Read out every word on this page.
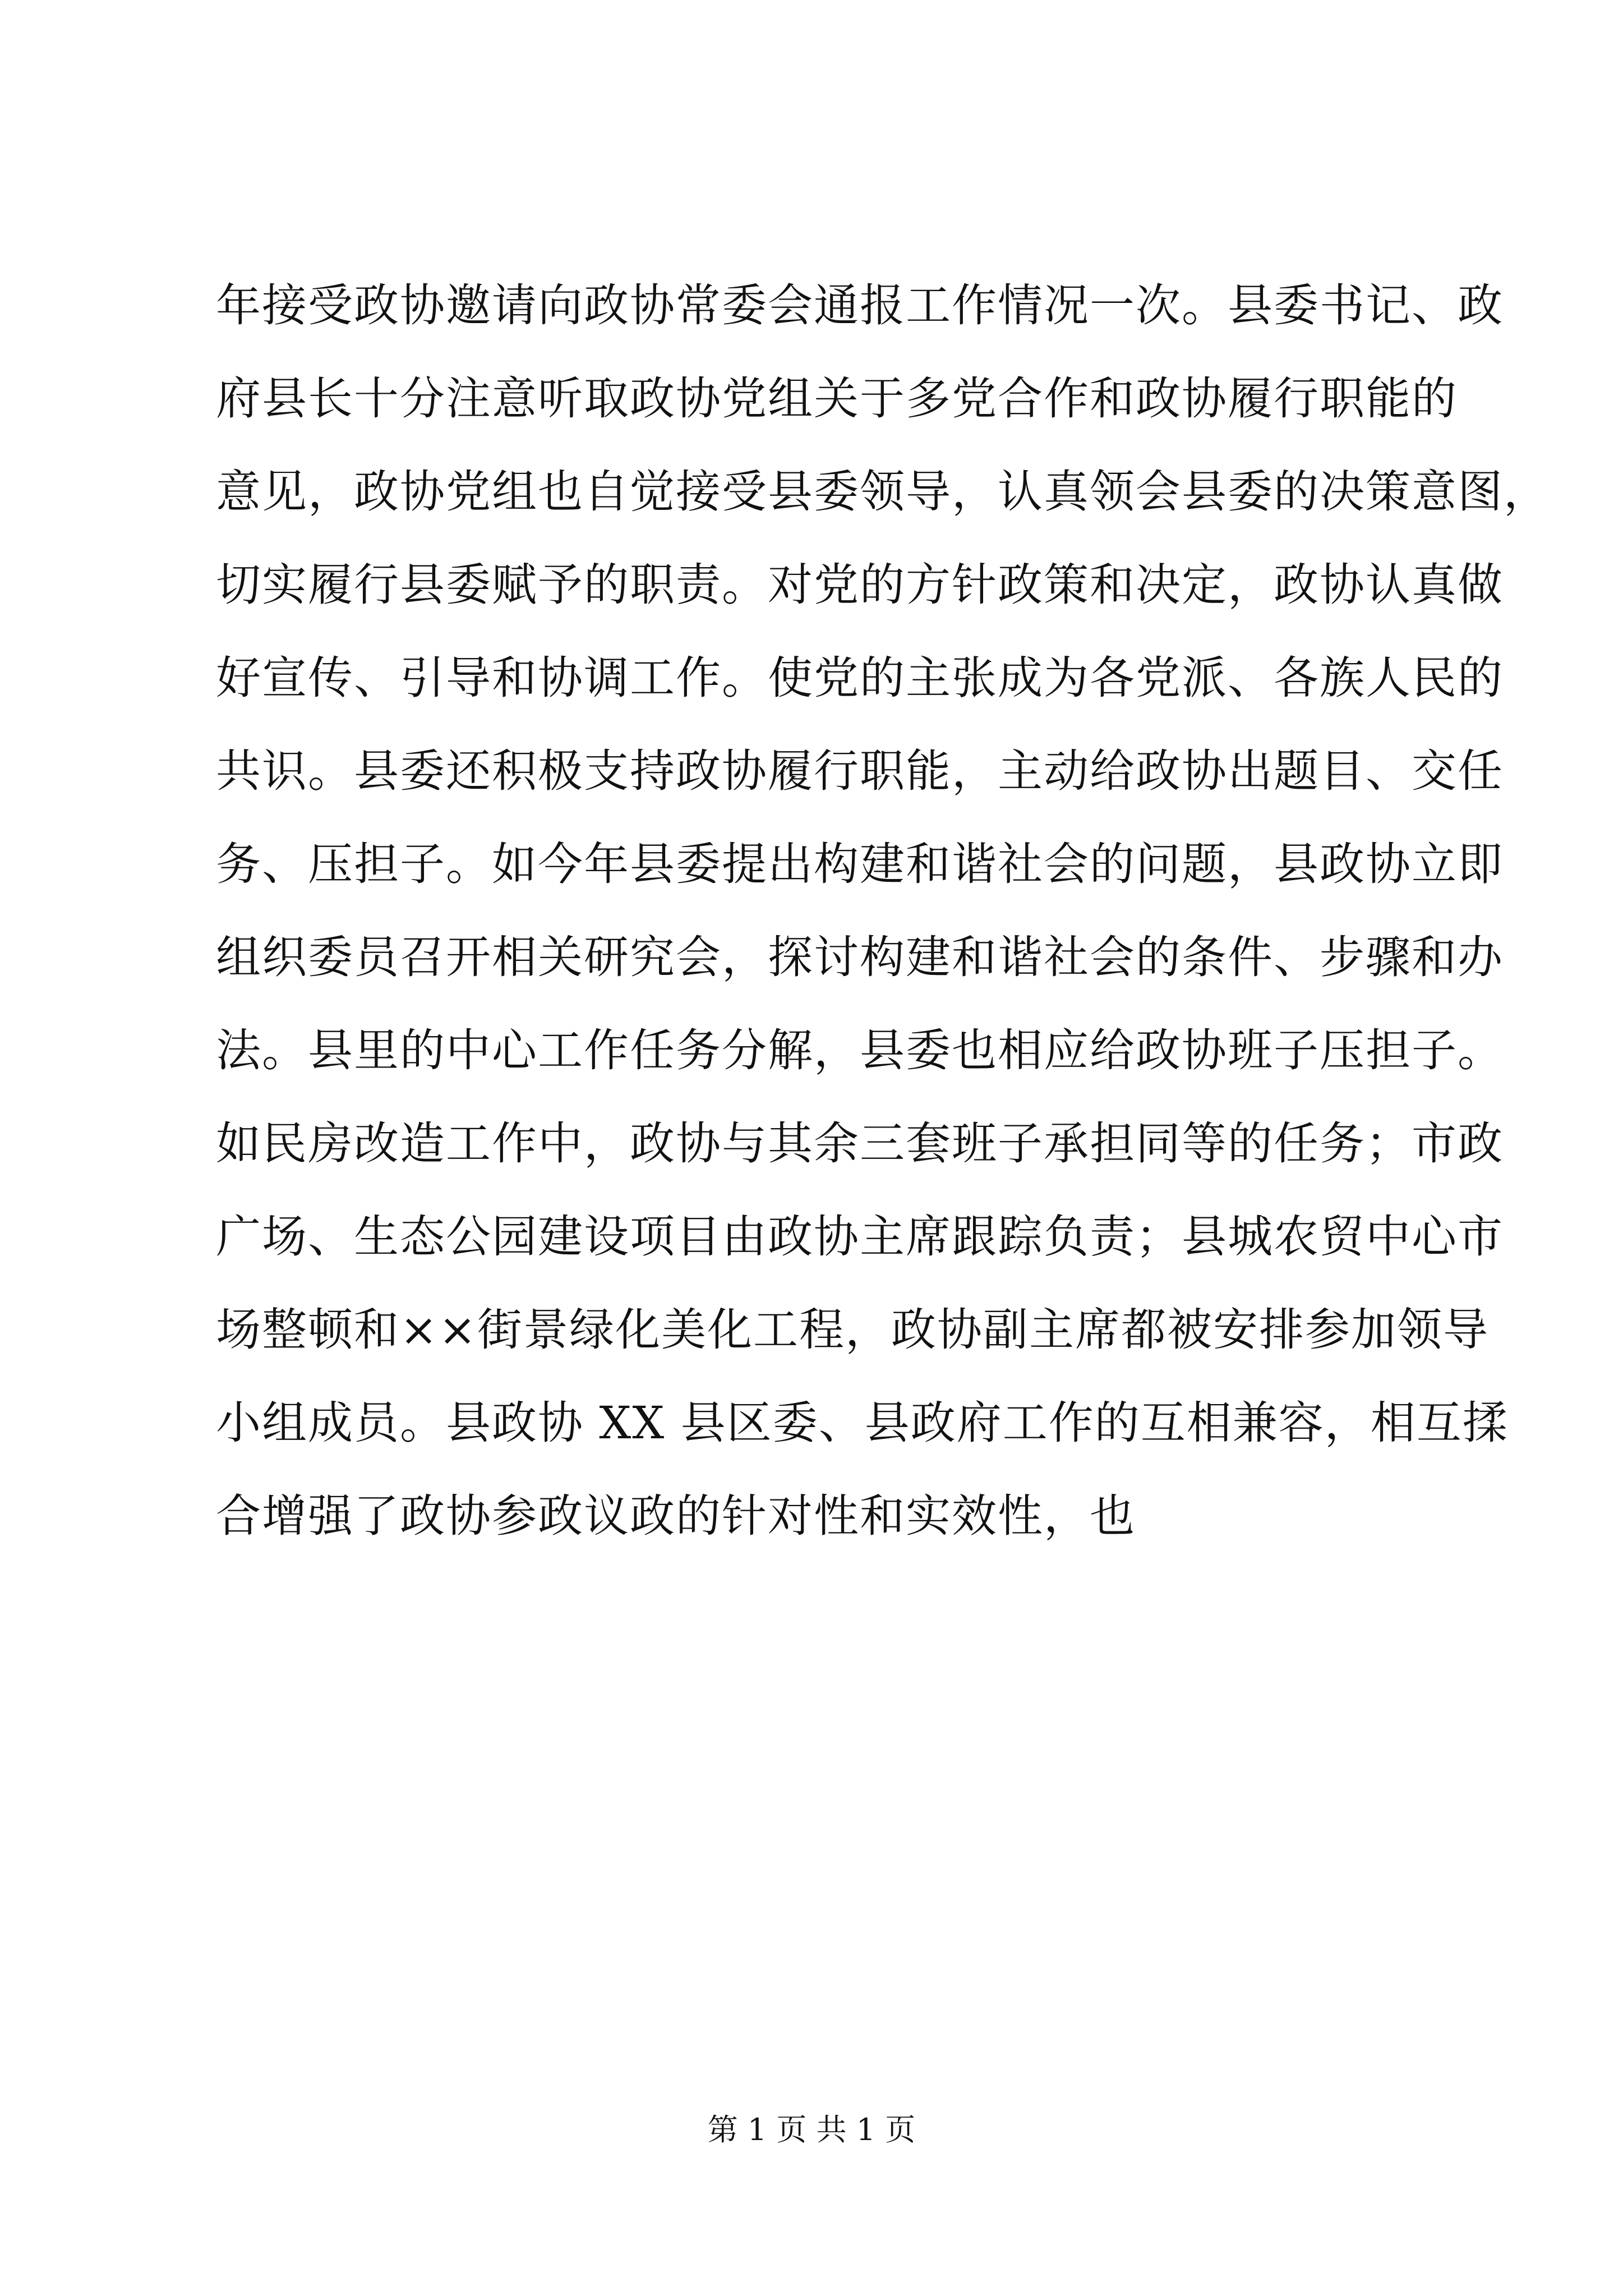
年接受政协邀请向政协常委会通报工作情况一次。县委书记、政
府县长十分注意听取政协党组关于多党合作和政协履行职能的
意见，政协党组也自觉接受县委领导，认真领会县委的决策意图，
切实履行县委赋予的职责。对党的方针政策和决定，政协认真做
好宣传、引导和协调工作。使党的主张成为各党派、各族人民的
共识。县委还积极支持政协履行职能，主动给政协出题目、交任
务、压担子。如今年县委提出构建和谐社会的问题，县政协立即
组织委员召开相关研究会，探讨构建和谐社会的条件、步骤和办
法。县里的中心工作任务分解，县委也相应给政协班子压担子。
如民房改造工作中，政协与其余三套班子承担同等的任务；市政
广场、生态公园建设项目由政协主席跟踪负责；县城农贸中心市
场整顿和××街景绿化美化工程，政协副主席都被安排参加领导
小组成员。县政协 XX 县区委、县政府工作的互相兼容，相互揉
合增强了政协参政议政的针对性和实效性，也

第 1 页 共 1 页
